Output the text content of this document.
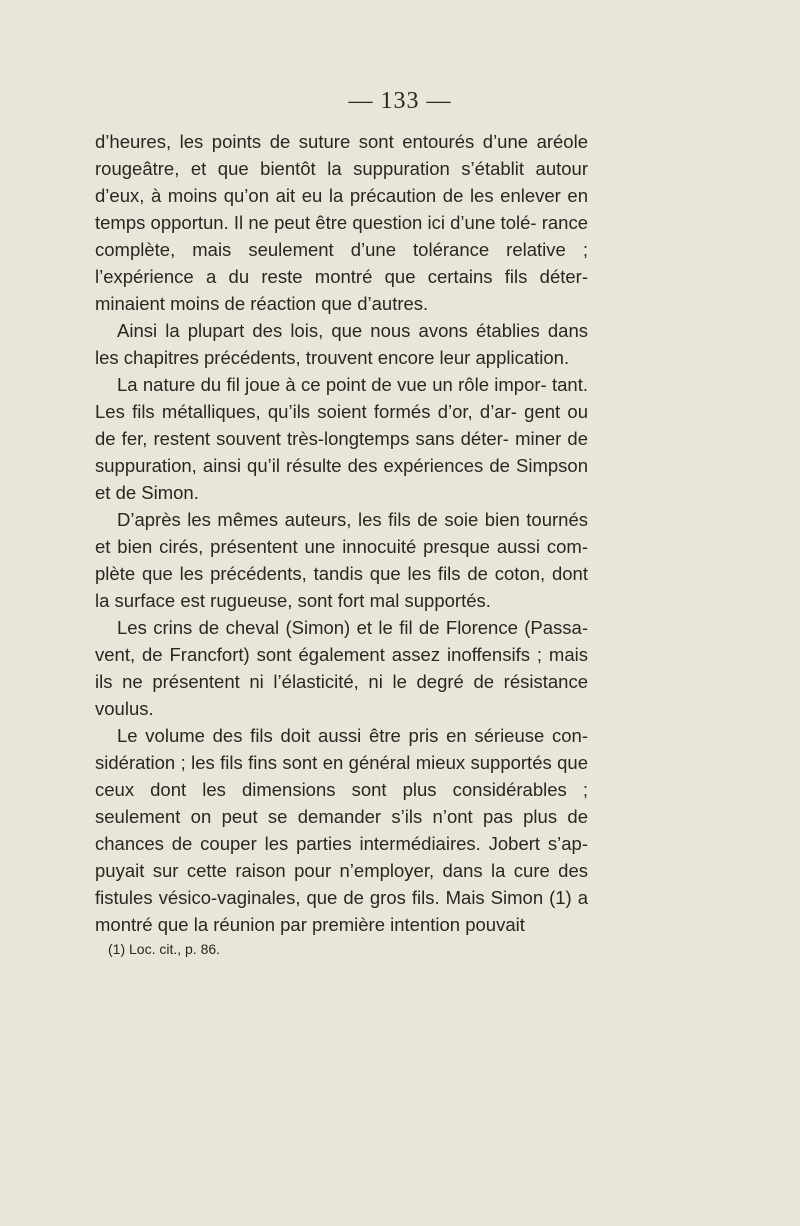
— 133 —

d’heures, les points de suture sont entourés d’une aréole rougeâtre, et que bientôt la suppuration s’établit autour d’eux, à moins qu’on ait eu la précaution de les enlever en temps opportun. Il ne peut être question ici d’une tolé- rance complète, mais seulement d’une tolérance relative ; l’expérience a du reste montré que certains fils déter- minaient moins de réaction que d’autres.

Ainsi la plupart des lois, que nous avons établies dans les chapitres précédents, trouvent encore leur application.

La nature du fil joue à ce point de vue un rôle impor- tant. Les fils métalliques, qu’ils soient formés d’or, d’ar- gent ou de fer, restent souvent très-longtemps sans déter- miner de suppuration, ainsi qu’il résulte des expériences de Simpson et de Simon.

D’après les mêmes auteurs, les fils de soie bien tournés et bien cirés, présentent une innocuité presque aussi com- plète que les précédents, tandis que les fils de coton, dont la surface est rugueuse, sont fort mal supportés.

Les crins de cheval (Simon) et le fil de Florence (Passa- vent, de Francfort) sont également assez inoffensifs ; mais ils ne présentent ni l’élasticité, ni le degré de résistance voulus.

Le volume des fils doit aussi être pris en sérieuse con- sidération ; les fils fins sont en général mieux supportés que ceux dont les dimensions sont plus considérables ; seulement on peut se demander s’ils n’ont pas plus de chances de couper les parties intermédiaires. Jobert s’ap- puyait sur cette raison pour n’employer, dans la cure des fistules vésico-vaginales, que de gros fils. Mais Simon (1) a montré que la réunion par première intention pouvait

(1) Loc. cit., p. 86.
